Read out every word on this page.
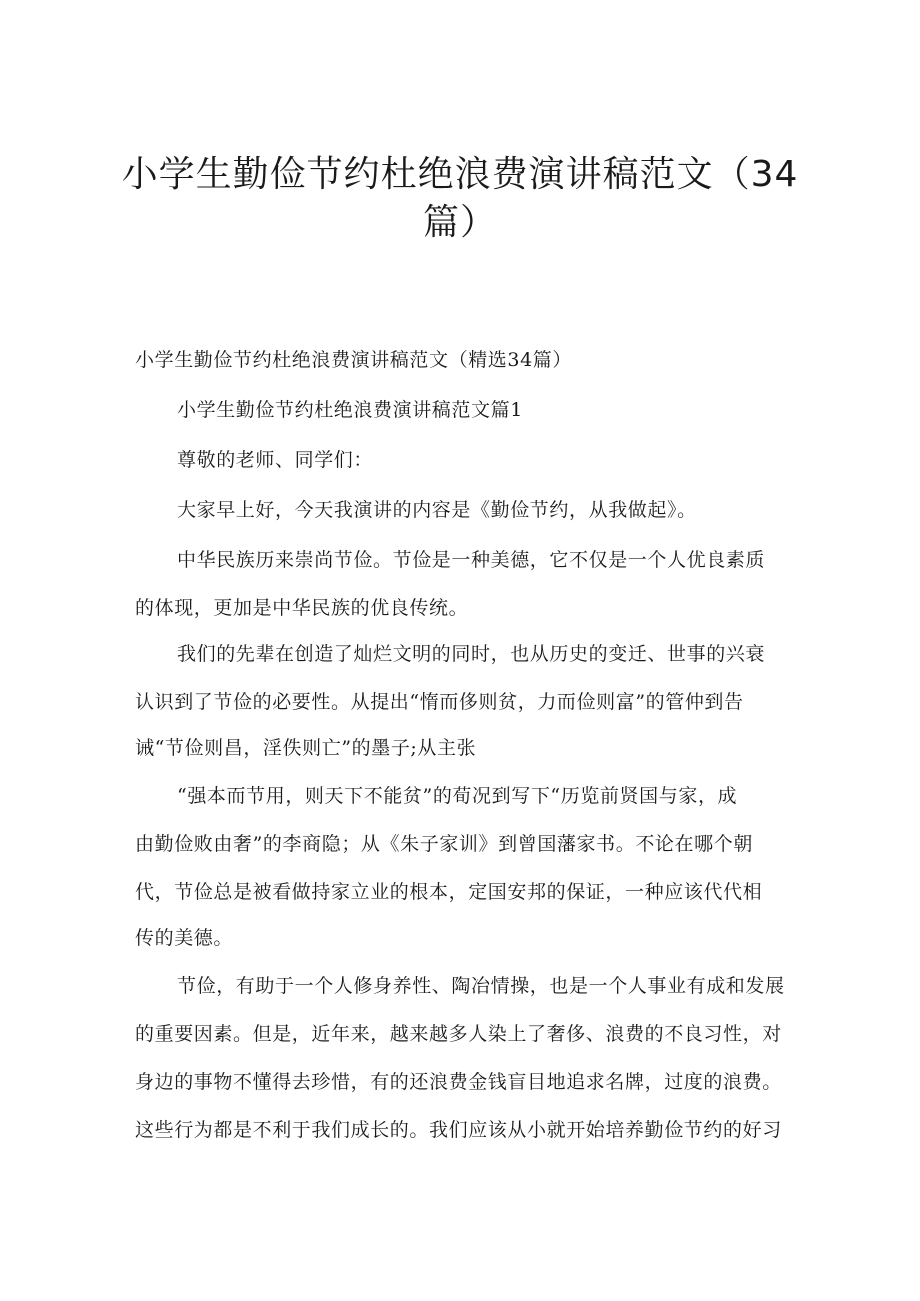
小学生勤俭节约杜绝浪费演讲稿范文（34
篇）
小学生勤俭节约杜绝浪费演讲稿范文（精选34篇）
小学生勤俭节约杜绝浪费演讲稿范文篇1
尊敬的老师、同学们：
大家早上好，今天我演讲的内容是《勤俭节约，从我做起》。
中华民族历来崇尚节俭。节俭是一种美德，它不仅是一个人优良素质
的体现，更加是中华民族的优良传统。
我们的先辈在创造了灿烂文明的同时，也从历史的变迁、世事的兴衰
认识到了节俭的必要性。从提出“惰而侈则贫，力而俭则富”的管仲到告
诫“节俭则昌，淫佚则亡”的墨子;从主张
“强本而节用，则天下不能贫”的荀况到写下“历览前贤国与家，成
由勤俭败由奢”的李商隐；从《朱子家训》到曾国藩家书。不论在哪个朝
代，节俭总是被看做持家立业的根本，定国安邦的保证，一种应该代代相
传的美德。
节俭，有助于一个人修身养性、陶冶情操，也是一个人事业有成和发展
的重要因素。但是，近年来，越来越多人染上了奢侈、浪费的不良习性，对
身边的事物不懂得去珍惜，有的还浪费金钱盲目地追求名牌，过度的浪费。
这些行为都是不利于我们成长的。我们应该从小就开始培养勤俭节约的好习
